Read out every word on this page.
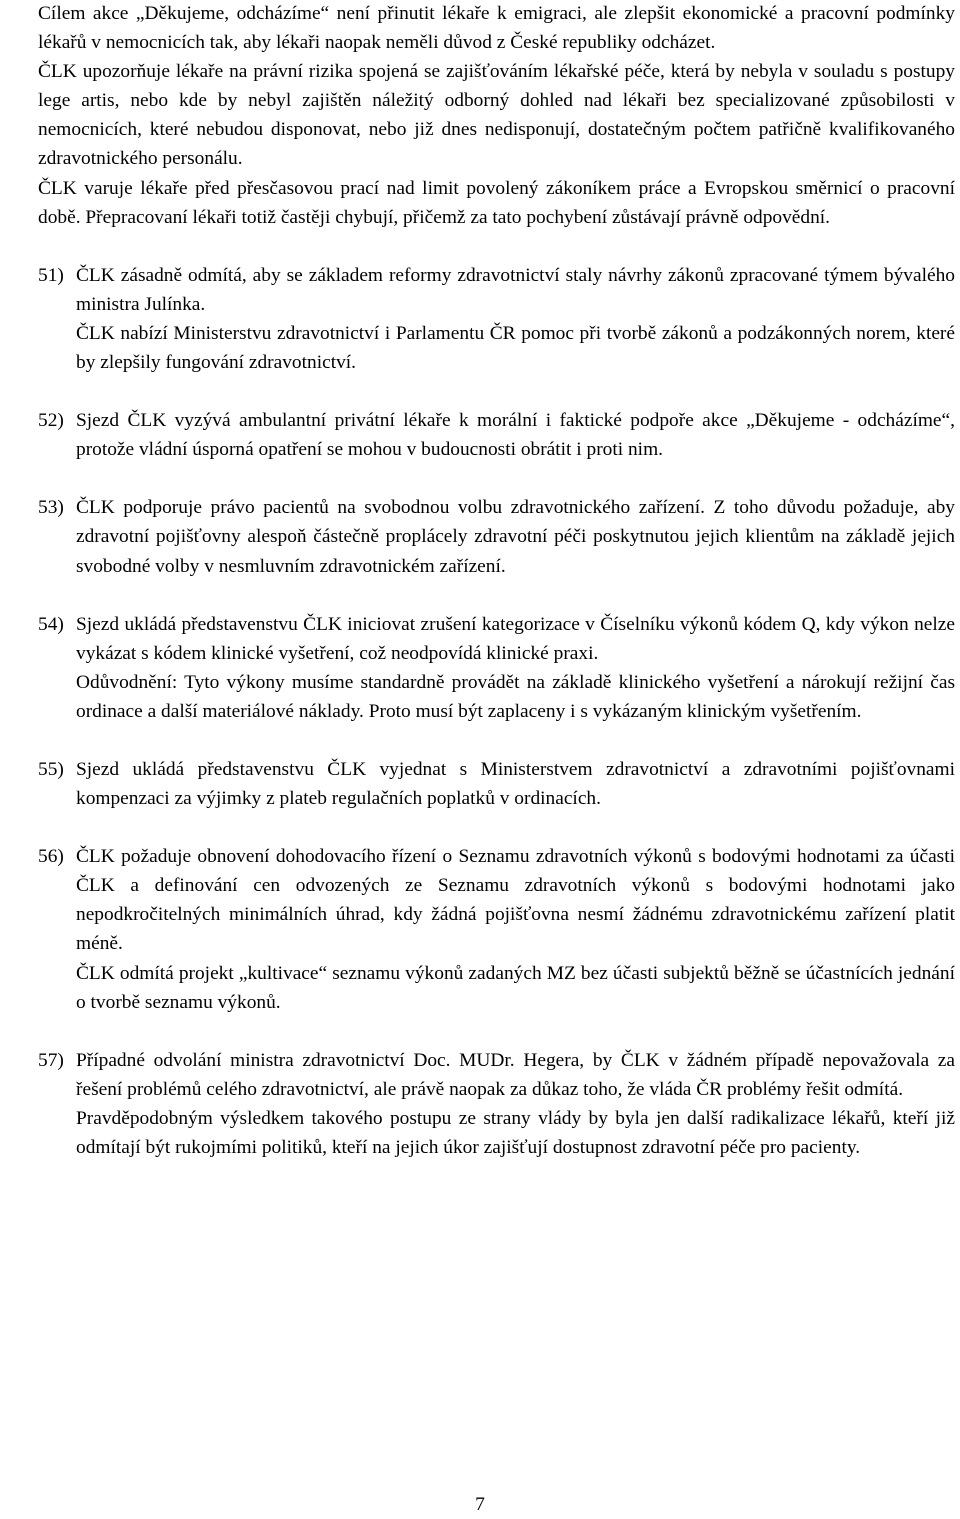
Cílem akce „Děkujeme, odcházíme“ není přinutit lékaře k emigraci, ale zlepšit ekonomické a pracovní podmínky lékařů v nemocnicích tak, aby lékaři naopak neměli důvod z České republiky odcházet.

ČLK upozorňuje lékaře na právní rizika spojená se zajišťováním lékařské péče, která by nebyla v souladu s postupy lege artis, nebo kde by nebyl zajištěn náležitý odborný dohled nad lékaři bez specializované způsobilosti v nemocnicích, které nebudou disponovat, nebo již dnes nedisponují, dostatečným počtem patřičně kvalifikovaného zdravotnického personálu.

ČLK varuje lékaře před přesčasovou prací nad limit povolený zákoníkem práce a Evropskou směrnicí o pracovní době. Přepracovaní lékaři totiž častěji chybují, přičemž za tato pochybení zůstávají právně odpovědní.

51) ČLK zásadně odmítá, aby se základem reformy zdravotnictví staly návrhy zákonů zpracované týmem bývalého ministra Julínka.

ČLK nabízí Ministerstvu zdravotnictví i Parlamentu ČR pomoc při tvorbě zákonů a podzákonných norem, které by zlepšily fungování zdravotnictví.

52) Sjezd ČLK vyzývá ambulantní privátní lékaře k morální i faktické podpoře akce „Děkujeme - odcházíme“, protože vládní úsporná opatření se mohou v budoucnosti obrátit i proti nim.

53) ČLK podporuje právo pacientů na svobodnou volbu zdravotnického zařízení. Z toho důvodu požaduje, aby zdravotní pojišťovny alespoň částečně proplácely zdravotní péči poskytnutou jejich klientům na základě jejich svobodné volby v nesmluvním zdravotnickém zařízení.

54) Sjezd ukládá představenstvu ČLK iniciovat zrušení kategorizace v Číselníku výkonů kódem Q, kdy výkon nelze vykázat s kódem klinické vyšetření, což neodpovídá klinické praxi.

Odůvodnění: Tyto výkony musíme standardně provádět na základě klinického vyšetření a nárokují režijní čas ordinace a další materiálové náklady. Proto musí být zaplaceny i s vykázaným klinickým vyšetřením.

55) Sjezd ukládá představenstvu ČLK vyjednat s Ministerstvem zdravotnictví a zdravotními pojišťovnami kompenzaci za výjimky z plateb regulačních poplatků v ordinacích.

56) ČLK požaduje obnovení dohodovacího řízení o Seznamu zdravotních výkonů s bodovými hodnotami za účasti ČLK a definování cen odvozených ze Seznamu zdravotních výkonů s bodovými hodnotami jako nepodkročitelných minimálních úhrad, kdy žádná pojišťovna nesmí žádnému zdravotnickému zařízení platit méně.

ČLK odmítá projekt „kultivace“ seznamu výkonů zadaných MZ bez účasti subjektů běžně se účastnících jednání o tvorbě seznamu výkonů.

57) Případné odvolání ministra zdravotnictví Doc. MUDr. Hegera, by ČLK v žádném případě nepovažovala za řešení problémů celého zdravotnictví, ale právě naopak za důkaz toho, že vláda ČR problémy řešit odmítá.

Pravděpodobným výsledkem takového postupu ze strany vlády by byla jen další radikalizace lékařů, kteří již odmítají být rukojmími politiků, kteří na jejich úkor zajišťují dostupnost zdravotní péče pro pacienty.

7
